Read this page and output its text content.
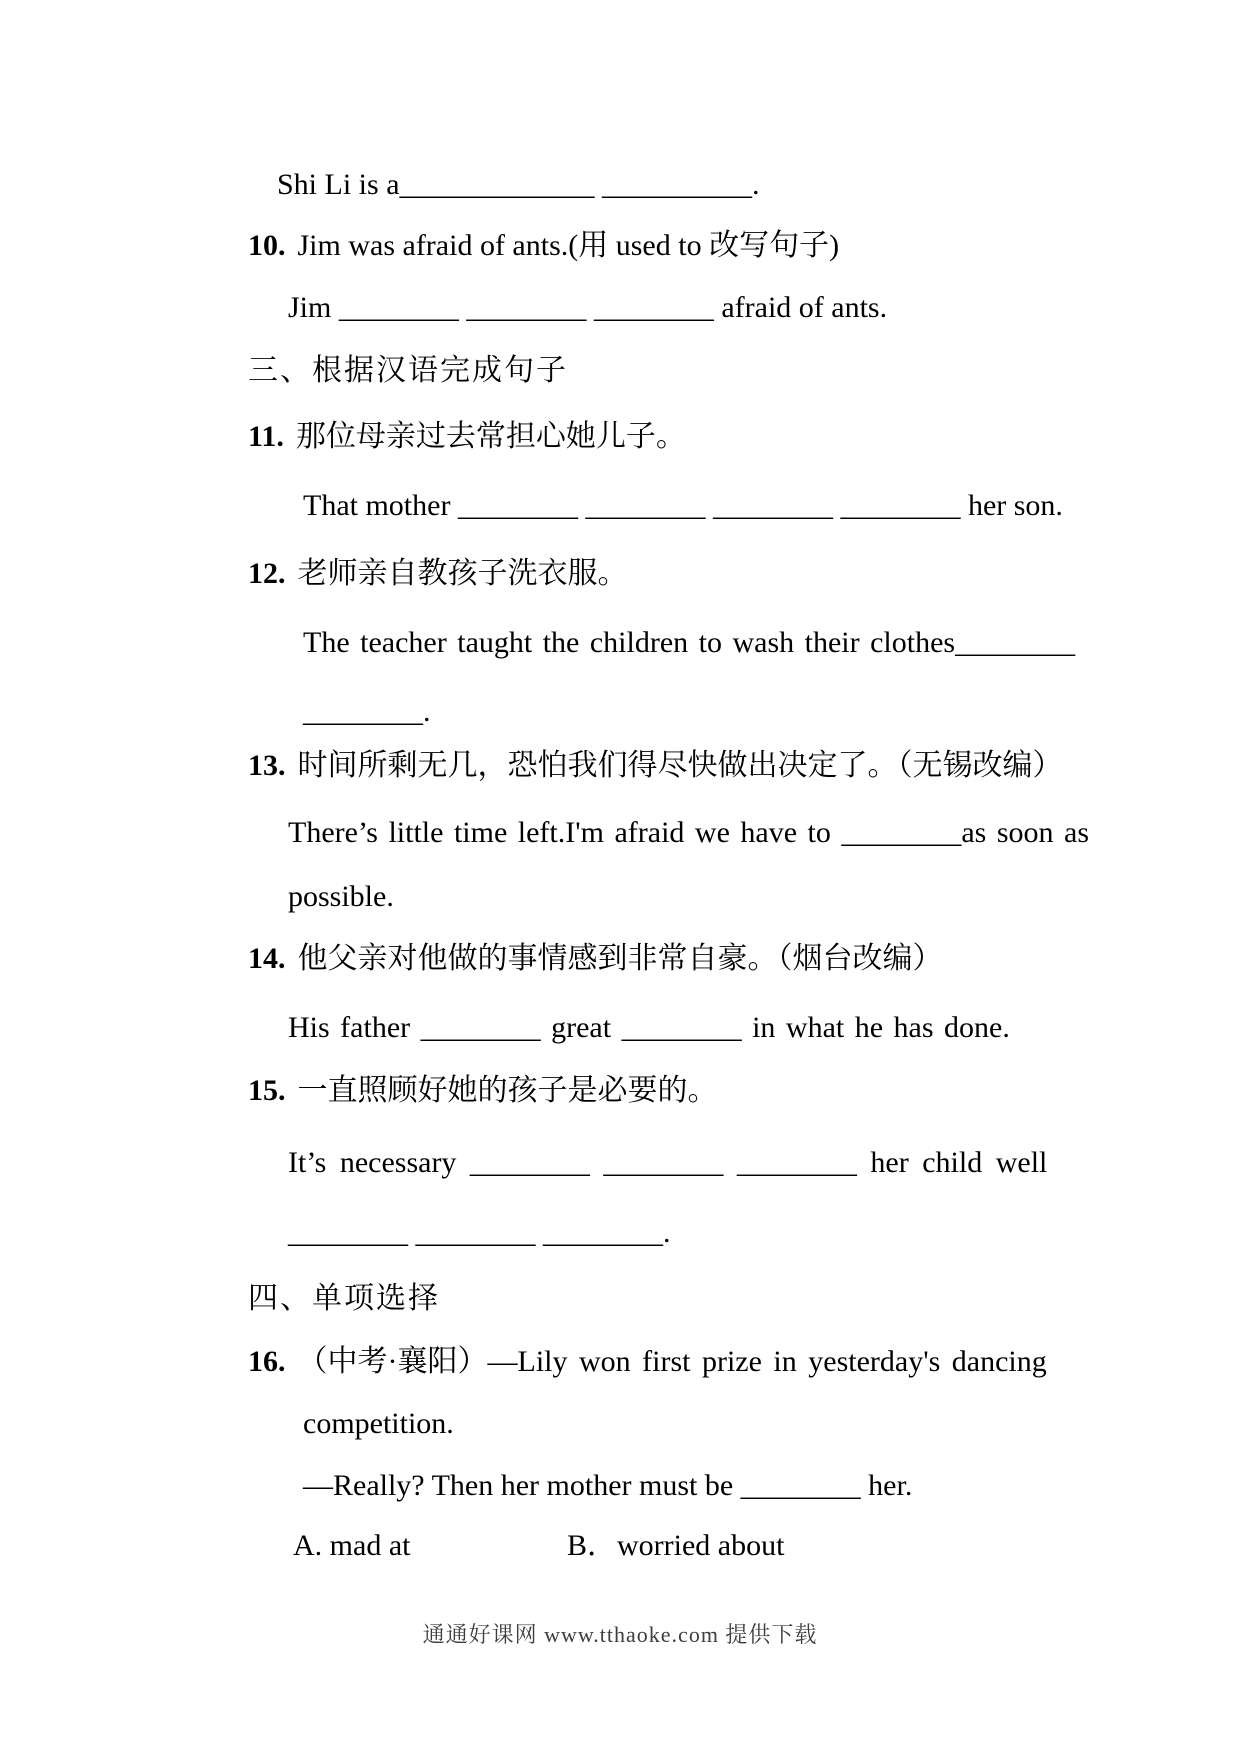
Shi Li is a_____________ __________.
10. Jim was afraid of ants.(用 used to 改写句子)
Jim ________ ________ ________ afraid of ants.
三、根据汉语完成句子
11. 那位母亲过去常担心她儿子。
That mother ________ ________ ________ ________ her son.
12. 老师亲自教孩子洗衣服。
The teacher taught the children to wash their clothes________
________.
13. 时间所剩无几，恐怕我们得尽快做出决定了。（无锡改编）
There’s little time left.I'm afraid we have to ________as soon as
possible.
14. 他父亲对他做的事情感到非常自豪。（烟台改编）
His father ________ great ________ in what he has done.
15. 一直照顾好她的孩子是必要的。
It’s necessary ________ ________ ________ her child well
________ ________ ________.
四、单项选择
16. （中考·襄阳）—Lily won first prize in yesterday's dancing
competition.
—Really? Then her mother must be ________ her.
A. mad at	B．worried about
通通好课网 www.tthaoke.com 提供下载
